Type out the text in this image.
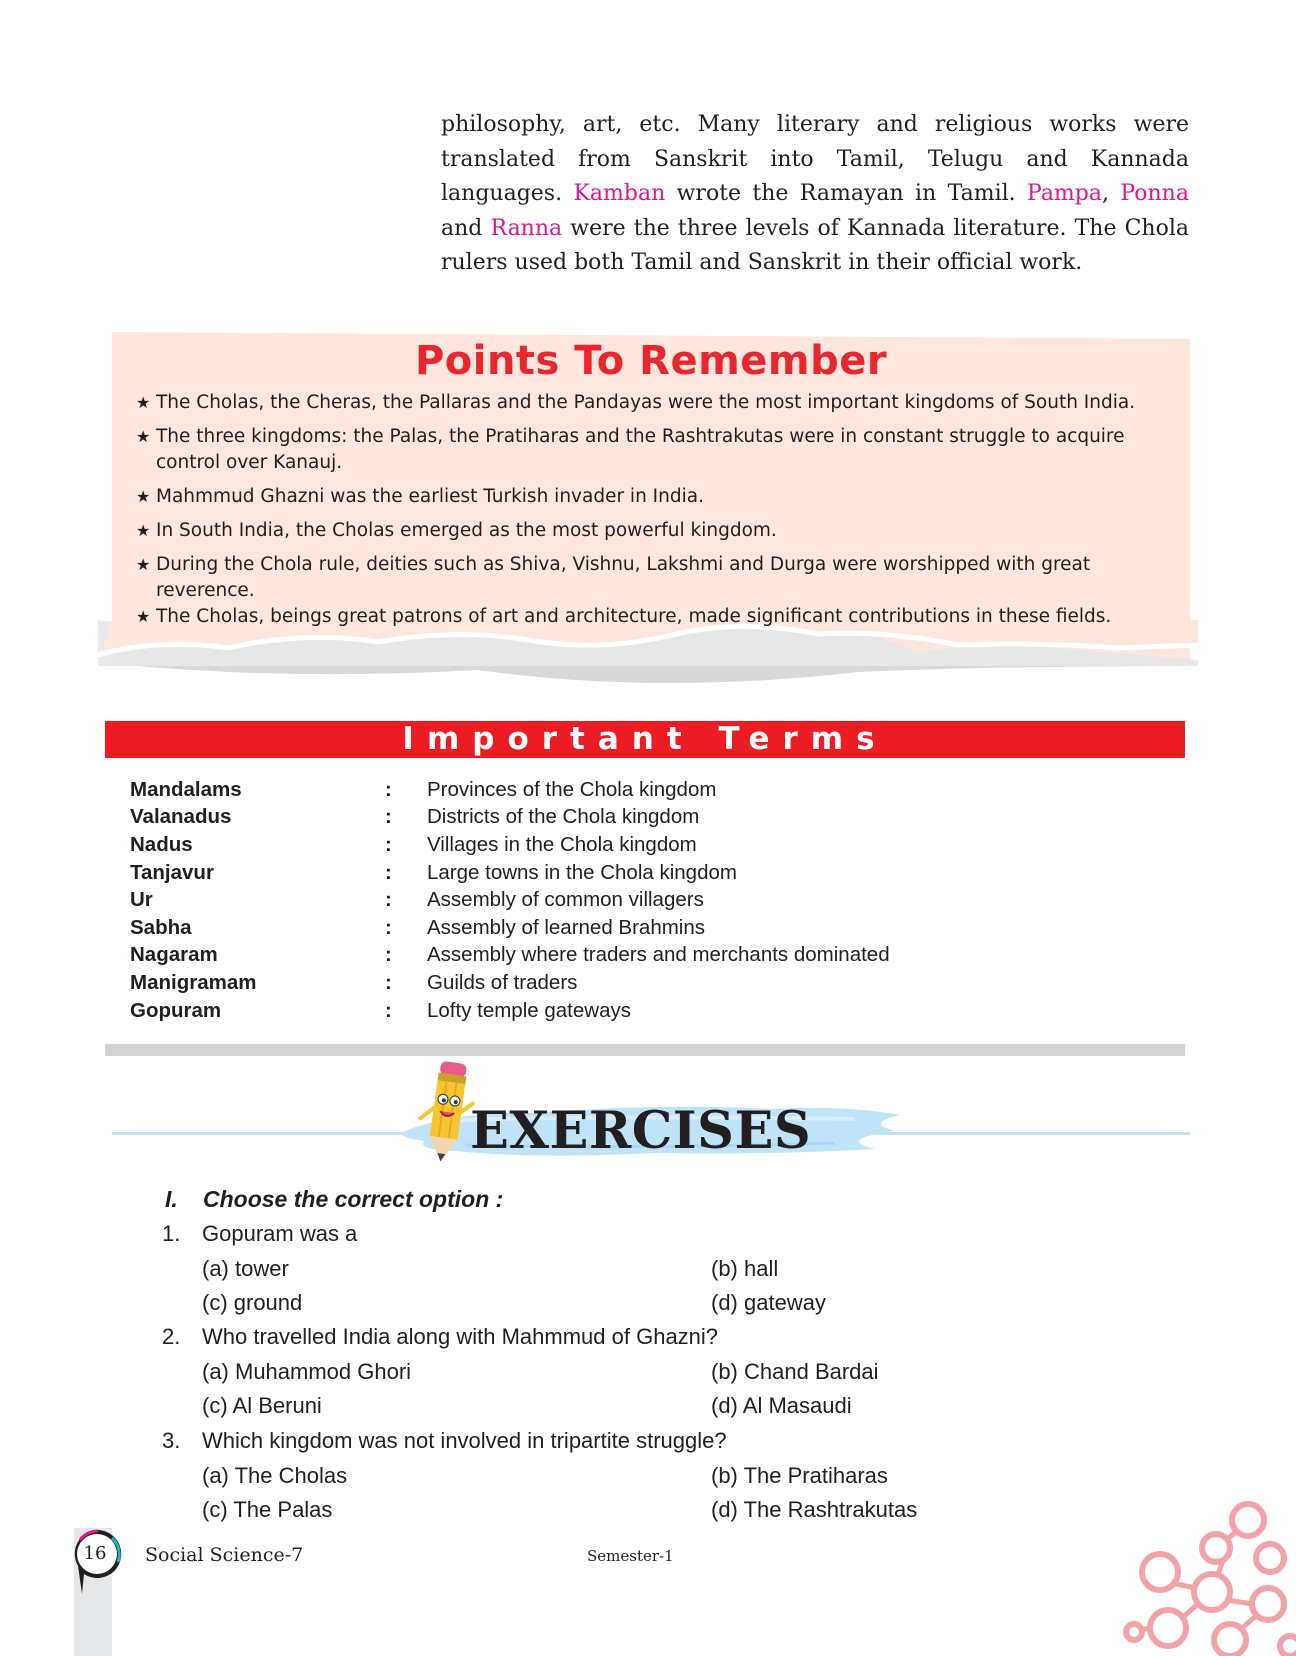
philosophy, art, etc. Many literary and religious works were
translated from Sanskrit into Tamil, Telugu and Kannada
languages. Kamban wrote the Ramayan in Tamil. Pampa, Ponna
and Ranna were the three levels of Kannada literature. The Chola
rulers used both Tamil and Sanskrit in their official work.
Points To Remember
★ The Cholas, the Cheras, the Pallaras and the Pandayas were the most important kingdoms of South India.
★ The three kingdoms: the Palas, the Pratiharas and the Rashtrakutas were in constant struggle to acquire control over Kanauj.
★ Mahmmud Ghazni was the earliest Turkish invader in India.
★ In South India, the Cholas emerged as the most powerful kingdom.
★ During the Chola rule, deities such as Shiva, Vishnu, Lakshmi and Durga were worshipped with great reverence.
★ The Cholas, beings great patrons of art and architecture, made significant contributions in these fields.
Important Terms
Mandalams	:	Provinces of the Chola kingdom
Valanadus	:	Districts of the Chola kingdom
Nadus	:	Villages in the Chola kingdom
Tanjavur	:	Large towns in the Chola kingdom
Ur	:	Assembly of common villagers
Sabha	:	Assembly of learned Brahmins
Nagaram	:	Assembly where traders and merchants dominated
Manigramam	:	Guilds of traders
Gopuram	:	Lofty temple gateways
EXERCISES
I. Choose the correct option :
1. Gopuram was a
(a) tower	(b) hall
(c) ground	(d) gateway
2. Who travelled India along with Mahmmud of Ghazni?
(a) Muhammod Ghori	(b) Chand Bardai
(c) Al Beruni	(d) Al Masaudi
3. Which kingdom was not involved in tripartite struggle?
(a) The Cholas	(b) The Pratiharas
(c) The Palas	(d) The Rashtrakutas
16	Social Science-7	Semester-1
